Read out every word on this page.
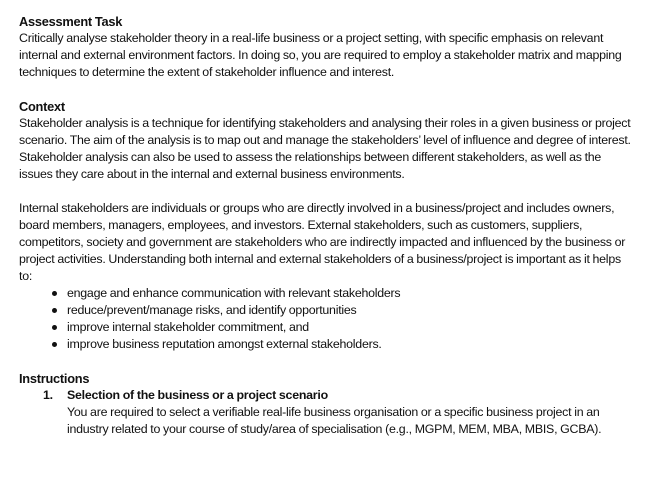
Assessment Task

Critically analyse stakeholder theory in a real-life business or a project setting, with specific emphasis on relevant internal and external environment factors. In doing so, you are required to employ a stakeholder matrix and mapping techniques to determine the extent of stakeholder influence and interest.

Context

Stakeholder analysis is a technique for identifying stakeholders and analysing their roles in a given business or project scenario. The aim of the analysis is to map out and manage the stakeholders’ level of influence and degree of interest. Stakeholder analysis can also be used to assess the relationships between different stakeholders, as well as the issues they care about in the internal and external business environments.

Internal stakeholders are individuals or groups who are directly involved in a business/project and includes owners, board members, managers, employees, and investors. External stakeholders, such as customers, suppliers, competitors, society and government are stakeholders who are indirectly impacted and influenced by the business or project activities. Understanding both internal and external stakeholders of a business/project is important as it helps to:

engage and enhance communication with relevant stakeholders
reduce/prevent/manage risks, and identify opportunities
improve internal stakeholder commitment, and
improve business reputation amongst external stakeholders.
Instructions
1. Selection of the business or a project scenario
You are required to select a verifiable real-life business organisation or a specific business project in an industry related to your course of study/area of specialisation (e.g., MGPM, MEM, MBA, MBIS, GCBA).
